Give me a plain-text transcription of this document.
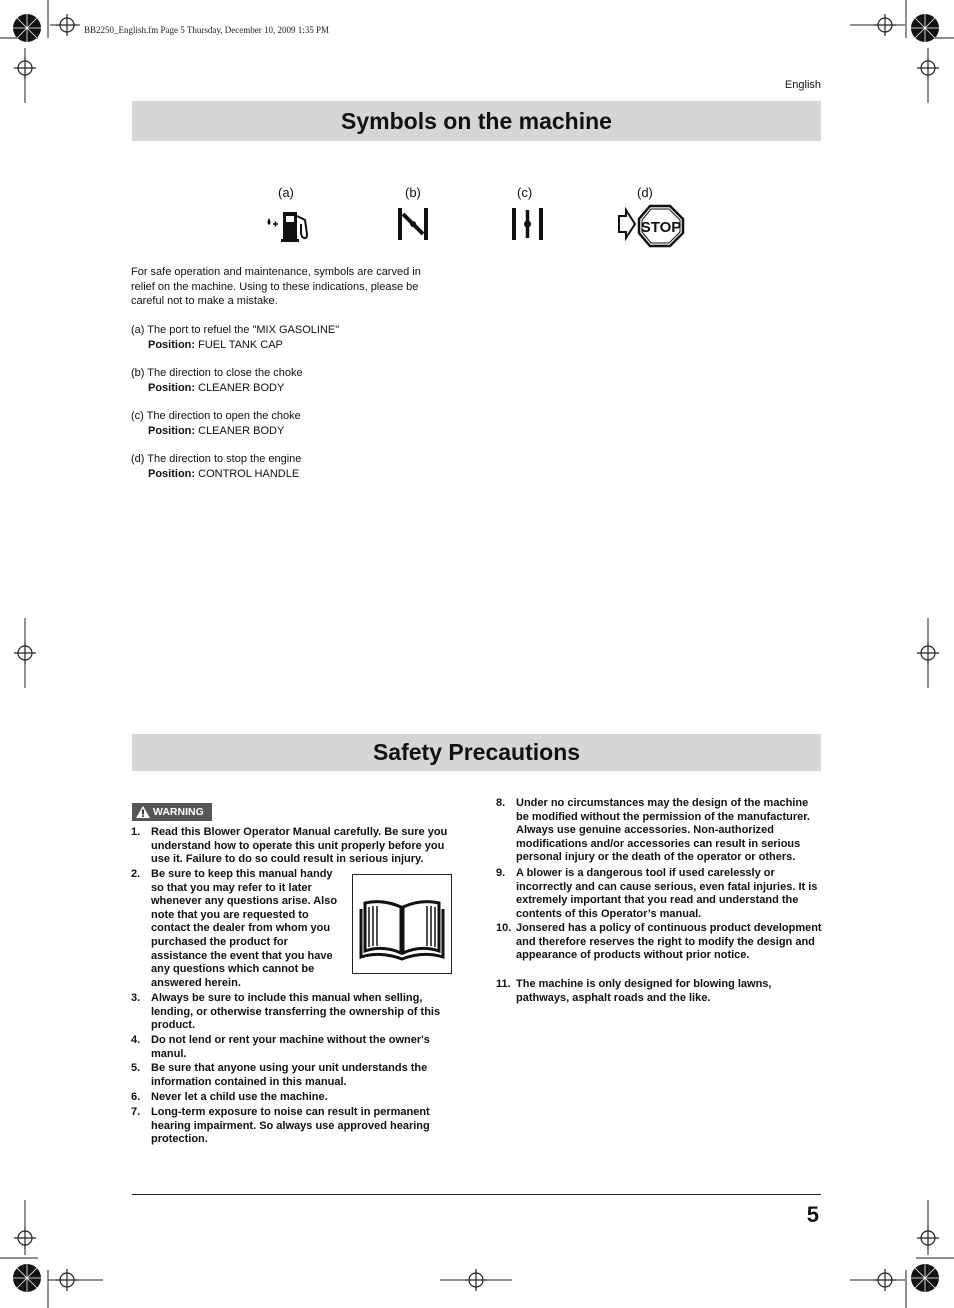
BB2250_English.fm Page 5 Thursday, December 10, 2009 1:35 PM
English
Symbols on the machine
(a)	(b)	(c)	(d)
STOP
For safe operation and maintenance, symbols are carved in relief on the machine. Using to these indications, please be careful not to make a mistake.
(a) The port to refuel the "MIX GASOLINE"
Position: FUEL TANK CAP
(b) The direction to close the choke
Position: CLEANER BODY
(c) The direction to open the choke
Position: CLEANER BODY
(d) The direction to stop the engine
Position: CONTROL HANDLE
Safety Precautions
WARNING
1. Read this Blower Operator Manual carefully. Be sure you understand how to operate this unit properly before you use it. Failure to do so could result in serious injury.
2. Be sure to keep this manual handy so that you may refer to it later whenever any questions arise. Also note that you are requested to contact the dealer from whom you purchased the product for assistance the event that you have any questions which cannot be answered herein.
3. Always be sure to include this manual when selling, lending, or otherwise transferring the ownership of this product.
4. Do not lend or rent your machine without the owner's manul.
5. Be sure that anyone using your unit understands the information contained in this manual.
6. Never let a child use the machine.
7. Long-term exposure to noise can result in permanent hearing impairment. So always use approved hearing protection.
8. Under no circumstances may the design of the machine be modified without the permission of the manufacturer. Always use genuine accessories. Non-authorized modifications and/or accessories can result in serious personal injury or the death of the operator or others.
9. A blower is a dangerous tool if used carelessly or incorrectly and can cause serious, even fatal injuries. It is extremely important that you read and understand the contents of this Operator’s manual.
10. Jonsered has a policy of continuous product development and therefore reserves the right to modify the design and appearance of products without prior notice.
11. The machine is only designed for blowing lawns, pathways, asphalt roads and the like.
5
